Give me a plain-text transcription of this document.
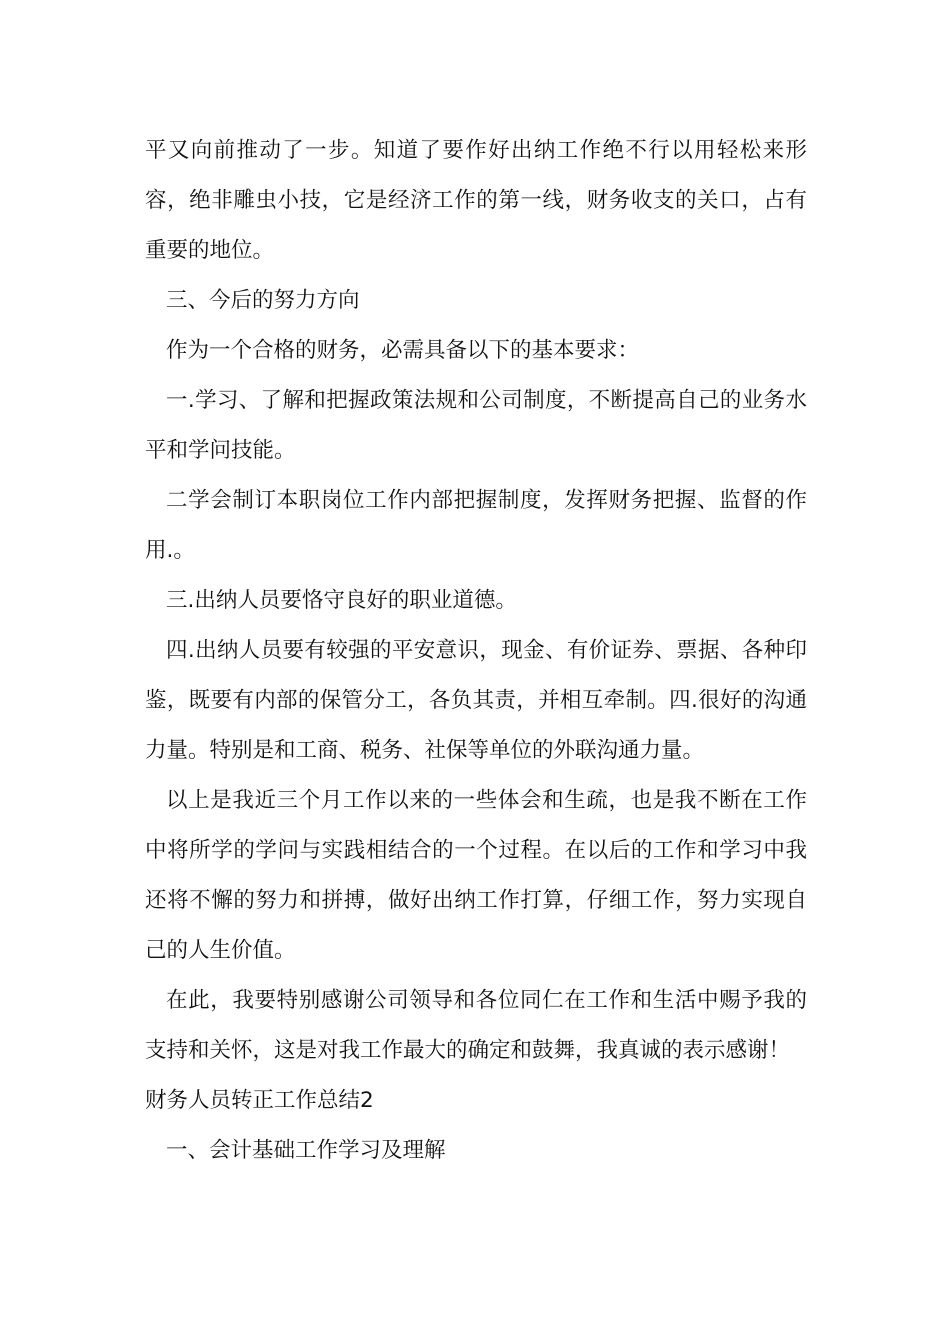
平又向前推动了一步。知道了要作好出纳工作绝不行以用轻松来形容，绝非雕虫小技，它是经济工作的第一线，财务收支的关口，占有重要的地位。

三、今后的努力方向

作为一个合格的财务，必需具备以下的基本要求：

一.学习、了解和把握政策法规和公司制度，不断提高自己的业务水平和学问技能。

二学会制订本职岗位工作内部把握制度，发挥财务把握、监督的作用.。

三.出纳人员要恪守良好的职业道德。

四.出纳人员要有较强的平安意识，现金、有价证券、票据、各种印鉴，既要有内部的保管分工，各负其责，并相互牵制。四.很好的沟通力量。特别是和工商、税务、社保等单位的外联沟通力量。

以上是我近三个月工作以来的一些体会和生疏，也是我不断在工作中将所学的学问与实践相结合的一个过程。在以后的工作和学习中我还将不懈的努力和拼搏，做好出纳工作打算，仔细工作，努力实现自己的人生价值。

在此，我要特别感谢公司领导和各位同仁在工作和生活中赐予我的支持和关怀，这是对我工作最大的确定和鼓舞，我真诚的表示感谢！

财务人员转正工作总结2

一、会计基础工作学习及理解
